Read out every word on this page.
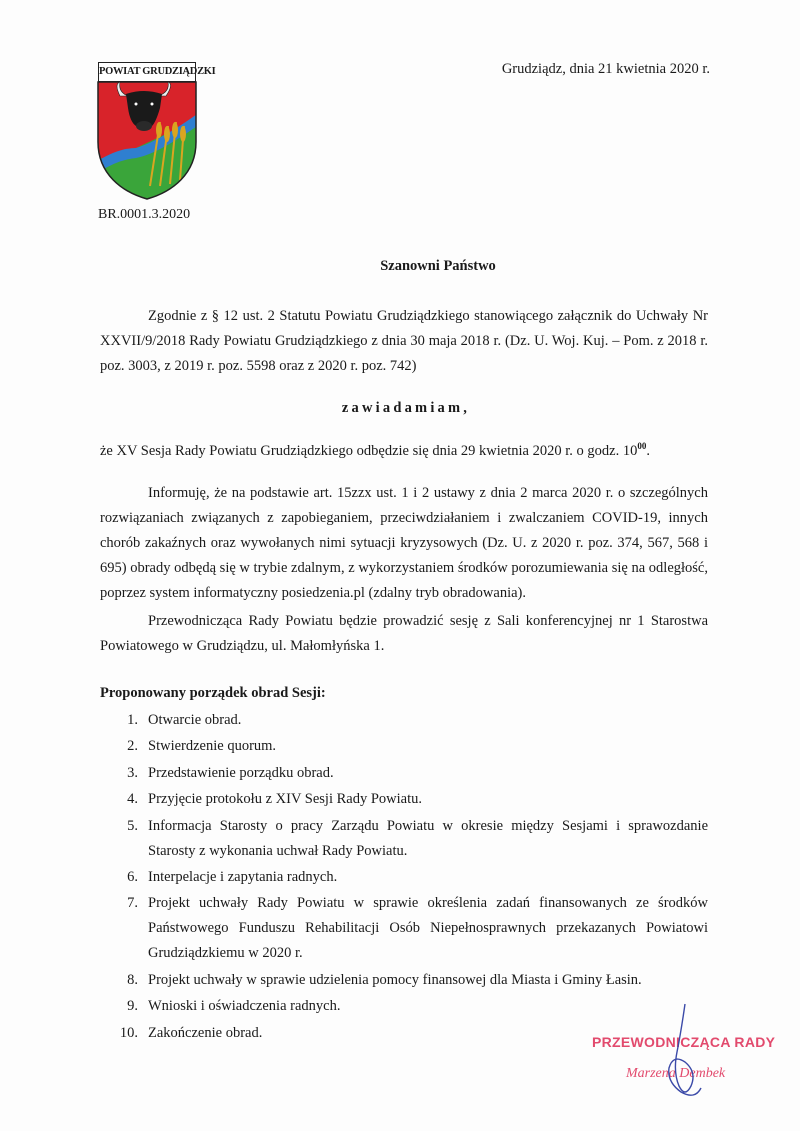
POWIAT GRUDZIĄDZKI	Grudziądz, dnia 21 kwietnia 2020 r.
BR.0001.3.2020
Szanowni Państwo

Zgodnie z § 12 ust. 2 Statutu Powiatu Grudziądzkiego stanowiącego załącznik do Uchwały Nr XXVII/9/2018 Rady Powiatu Grudziądzkiego z dnia 30 maja 2018 r. (Dz. U. Woj. Kuj. – Pom. z 2018 r. poz. 3003, z 2019 r. poz. 5598 oraz z 2020 r. poz. 742)

zawiadamiam,
że XV Sesja Rady Powiatu Grudziądzkiego odbędzie się dnia 29 kwietnia 2020 r. o godz. $10^{00}$.

Informuję, że na podstawie art. 15zzx ust. 1 i 2 ustawy z dnia 2 marca 2020 r. o szczególnych rozwiązaniach związanych z zapobieganiem, przeciwdziałaniem i zwalczaniem COVID-19, innych chorób zakaźnych oraz wywołanych nimi sytuacji kryzysowych (Dz. U. z 2020 r. poz. 374, 567, 568 i 695) obrady odbędą się w trybie zdalnym, z wykorzystaniem środków porozumiewania się na odległość, poprzez system informatyczny posiedzenia.pl (zdalny tryb obradowania).

Przewodnicząca Rady Powiatu będzie prowadzić sesję z Sali konferencyjnej nr 1 Starostwa Powiatowego w Grudziądzu, ul. Małomłyńska 1.

Proponowany porządek obrad Sesji:
1. Otwarcie obrad.
2. Stwierdzenie quorum.
3. Przedstawienie porządku obrad.
4. Przyjęcie protokołu z XIV Sesji Rady Powiatu.
5. Informacja Starosty o pracy Zarządu Powiatu w okresie między Sesjami i sprawozdanie Starosty z wykonania uchwał Rady Powiatu.
6. Interpelacje i zapytania radnych.
7. Projekt uchwały Rady Powiatu w sprawie określenia zadań finansowanych ze środków Państwowego Funduszu Rehabilitacji Osób Niepełnosprawnych przekazanych Powiatowi Grudziądzkiemu w 2020 r.
8. Projekt uchwały w sprawie udzielenia pomocy finansowej dla Miasta i Gminy Łasin.
9. Wnioski i oświadczenia radnych.
10. Zakończenie obrad.
PRZEWODNICZĄCA RADY
Marzena Dembek
